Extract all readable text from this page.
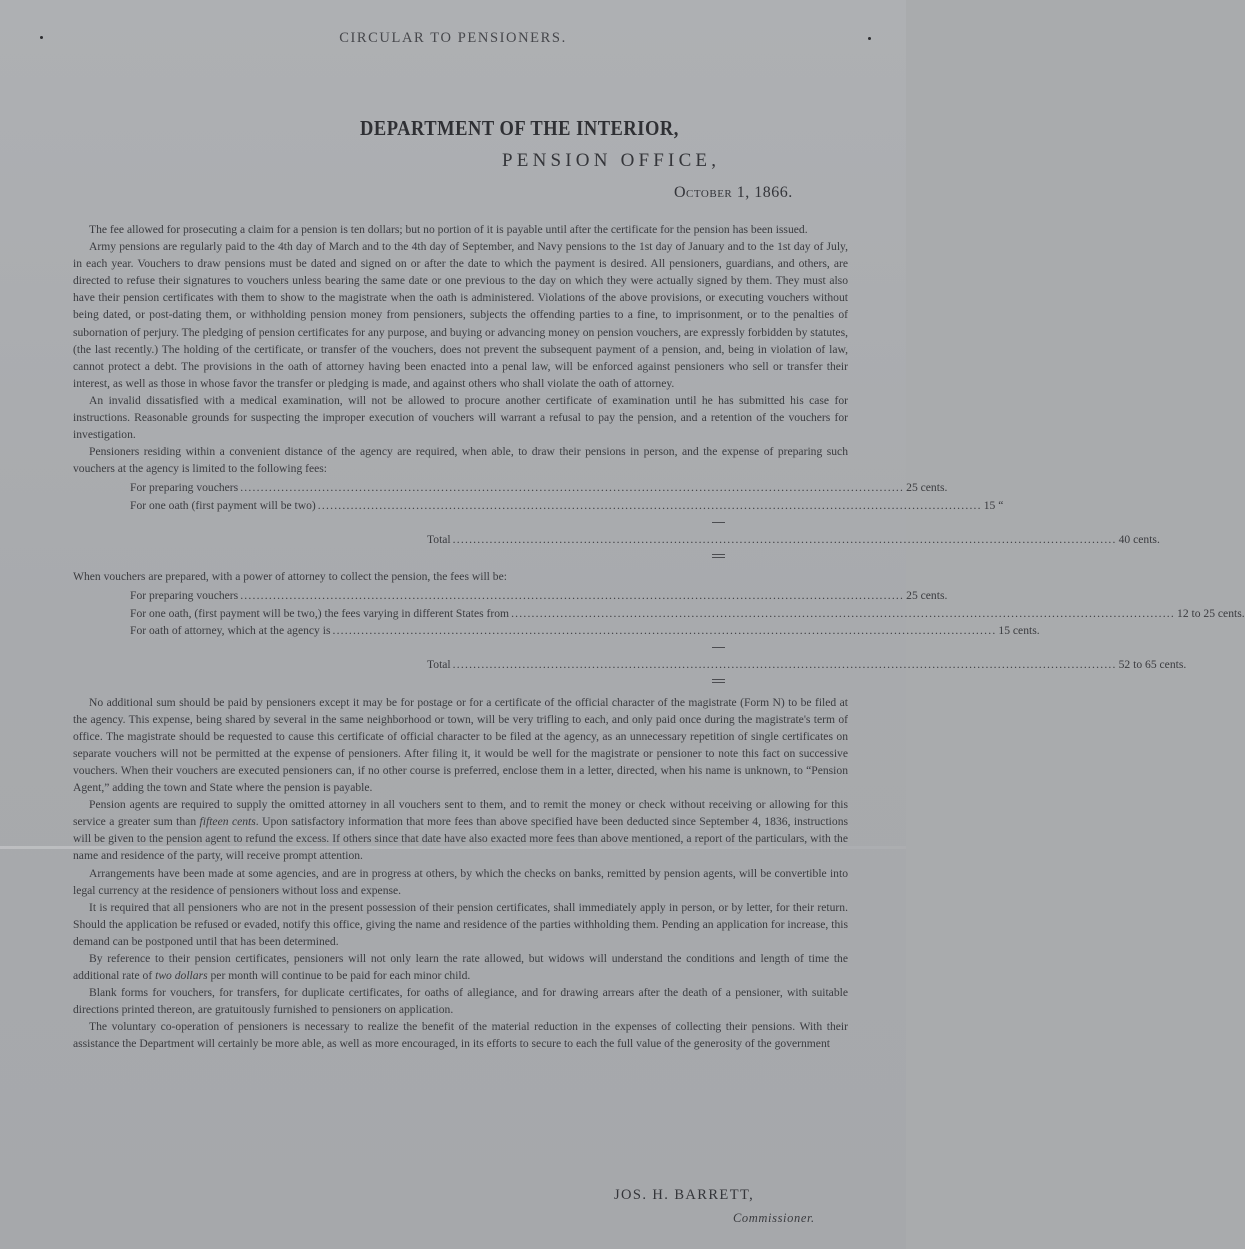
CIRCULAR TO PENSIONERS.
DEPARTMENT OF THE INTERIOR,
PENSION OFFICE,
October 1, 1866.

The fee allowed for prosecuting a claim for a pension is ten dollars; but no portion of it is payable until after the certificate for the pension has been issued.

Army pensions are regularly paid to the 4th day of March and to the 4th day of September, and Navy pensions to the 1st day of January and to the 1st day of July, in each year. Vouchers to draw pensions must be dated and signed on or after the date to which the payment is desired. All pensioners, guardians, and others, are directed to refuse their signatures to vouchers unless bearing the same date or one previous to the day on which they were actually signed by them. They must also have their pension certificates with them to show to the magistrate when the oath is administered. Violations of the above provisions, or executing vouchers without being dated, or post-dating them, or withholding pension money from pensioners, subjects the offending parties to a fine, to imprisonment, or to the penalties of subornation of perjury. The pledging of pension certificates for any purpose, and buying or advancing money on pension vouchers, are expressly forbidden by statutes, (the last recently.) The holding of the certificate, or transfer of the vouchers, does not prevent the subsequent payment of a pension, and, being in violation of law, cannot protect a debt. The provisions in the oath of attorney having been enacted into a penal law, will be enforced against pensioners who sell or transfer their interest, as well as those in whose favor the transfer or pledging is made, and against others who shall violate the oath of attorney.

An invalid dissatisfied with a medical examination, will not be allowed to procure another certificate of examination until he has submitted his case for instructions. Reasonable grounds for suspecting the improper execution of vouchers will warrant a refusal to pay the pension, and a retention of the vouchers for investigation.

Pensioners residing within a convenient distance of the agency are required, when able, to draw their pensions in person, and the expense of preparing such vouchers at the agency is limited to the following fees:

For preparing vouchers .................................................................................................................................................................. 25 cents.
For one oath (first payment will be two) .................................................................................................................................................................. 15 “
Total .................................................................................................................................................................. 40 cents.

When vouchers are prepared, with a power of attorney to collect the pension, the fees will be:

For preparing vouchers .................................................................................................................................................................. 25 cents.
For one oath, (first payment will be two,) the fees varying in different States from .................................................................................................................................................................. 12 to 25 cents.
For oath of attorney, which at the agency is .................................................................................................................................................................. 15 cents.
Total .................................................................................................................................................................. 52 to 65 cents.

No additional sum should be paid by pensioners except it may be for postage or for a certificate of the official character of the magistrate (Form N) to be filed at the agency. This expense, being shared by several in the same neighborhood or town, will be very trifling to each, and only paid once during the magistrate's term of office. The magistrate should be requested to cause this certificate of official character to be filed at the agency, as an unnecessary repetition of single certificates on separate vouchers will not be permitted at the expense of pensioners. After filing it, it would be well for the magistrate or pensioner to note this fact on successive vouchers. When their vouchers are executed pensioners can, if no other course is preferred, enclose them in a letter, directed, when his name is unknown, to “Pension Agent,” adding the town and State where the pension is payable.

Pension agents are required to supply the omitted attorney in all vouchers sent to them, and to remit the money or check without receiving or allowing for this service a greater sum than fifteen cents. Upon satisfactory information that more fees than above specified have been deducted since September 4, 1836, instructions will be given to the pension agent to refund the excess. If others since that date have also exacted more fees than above mentioned, a report of the particulars, with the name and residence of the party, will receive prompt attention.

Arrangements have been made at some agencies, and are in progress at others, by which the checks on banks, remitted by pension agents, will be convertible into legal currency at the residence of pensioners without loss and expense.

It is required that all pensioners who are not in the present possession of their pension certificates, shall immediately apply in person, or by letter, for their return. Should the application be refused or evaded, notify this office, giving the name and residence of the parties withholding them. Pending an application for increase, this demand can be postponed until that has been determined.

By reference to their pension certificates, pensioners will not only learn the rate allowed, but widows will understand the conditions and length of time the additional rate of two dollars per month will continue to be paid for each minor child.

Blank forms for vouchers, for transfers, for duplicate certificates, for oaths of allegiance, and for drawing arrears after the death of a pensioner, with suitable directions printed thereon, are gratuitously furnished to pensioners on application.

The voluntary co-operation of pensioners is necessary to realize the benefit of the material reduction in the expenses of collecting their pensions. With their assistance the Department will certainly be more able, as well as more encouraged, in its efforts to secure to each the full value of the generosity of the government

JOS. H. BARRETT,
Commissioner.
